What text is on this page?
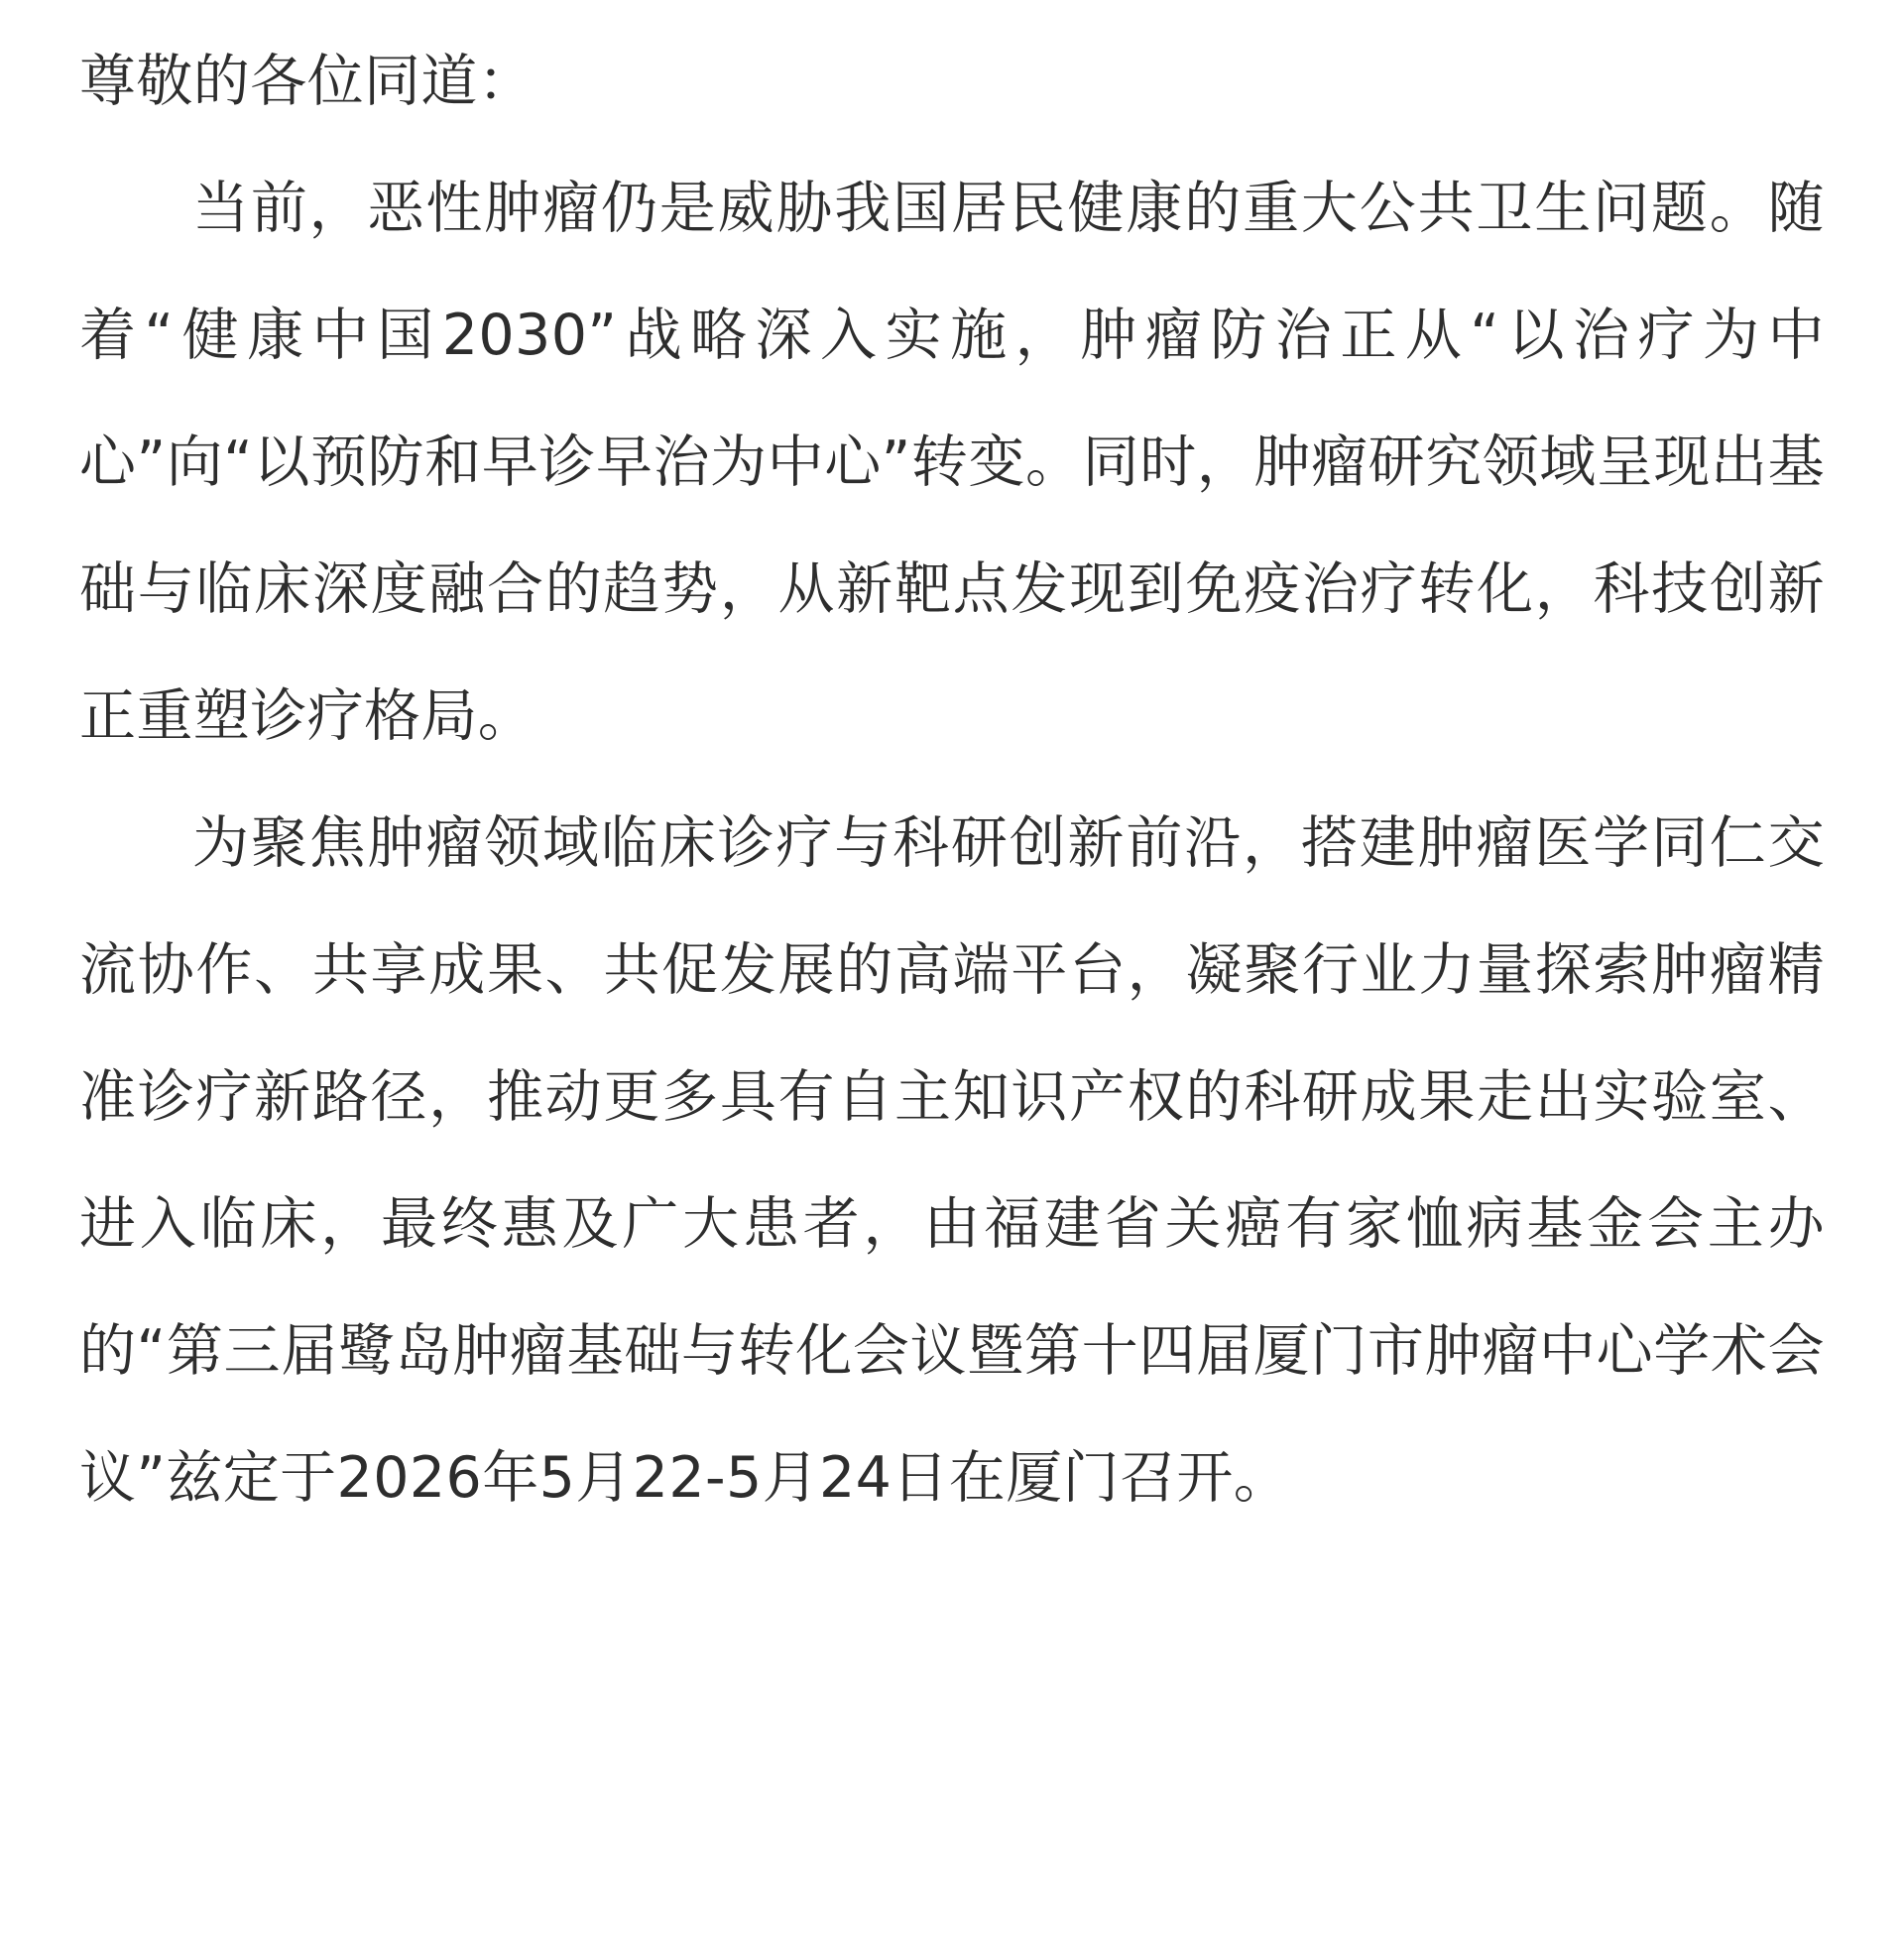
尊敬的各位同道：

当前，恶性肿瘤仍是威胁我国居民健康的重大公共卫生问题。随着“健康中国2030”战略深入实施，肿瘤防治正从“以治疗为中心”向“以预防和早诊早治为中心”转变。同时，肿瘤研究领域呈现出基础与临床深度融合的趋势，从新靶点发现到免疫治疗转化，科技创新正重塑诊疗格局。

为聚焦肿瘤领域临床诊疗与科研创新前沿，搭建肿瘤医学同仁交流协作、共享成果、共促发展的高端平台，凝聚行业力量探索肿瘤精准诊疗新路径，推动更多具有自主知识产权的科研成果走出实验室、进入临床，最终惠及广大患者，由福建省关癌有家恤病基金会主办的“第三届鹭岛肿瘤基础与转化会议暨第十四届厦门市肿瘤中心学术会议”兹定于2026年5月22-5月24日在厦门召开。
